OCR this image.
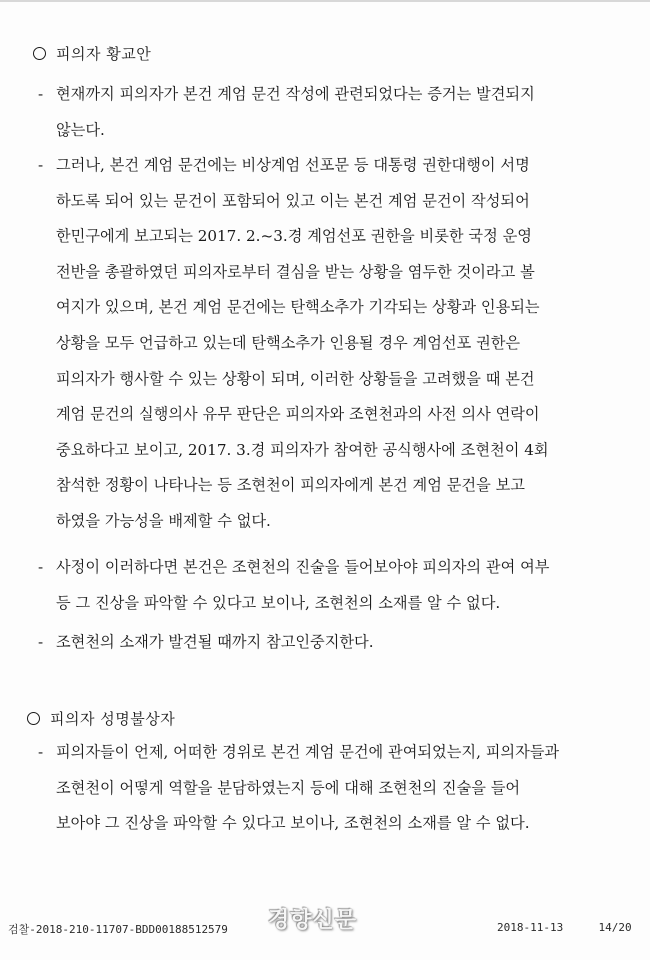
피의자 황교안
- 현재까지 피의자가 본건 계엄 문건 작성에 관련되었다는 증거는 발견되지
않는다.
- 그러나, 본건 계엄 문건에는 비상계엄 선포문 등 대통령 권한대행이 서명
하도록 되어 있는 문건이 포함되어 있고 이는 본건 계엄 문건이 작성되어
한민구에게 보고되는 2017. 2.~3.경 계엄선포 권한을 비롯한 국정 운영
전반을 총괄하였던 피의자로부터 결심을 받는 상황을 염두한 것이라고 볼
여지가 있으며, 본건 계엄 문건에는 탄핵소추가 기각되는 상황과 인용되는
상황을 모두 언급하고 있는데 탄핵소추가 인용될 경우 계엄선포 권한은
피의자가 행사할 수 있는 상황이 되며, 이러한 상황들을 고려했을 때 본건
계엄 문건의 실행의사 유무 판단은 피의자와 조현천과의 사전 의사 연락이
중요하다고 보이고, 2017. 3.경 피의자가 참여한 공식행사에 조현천이 4회
참석한 정황이 나타나는 등 조현천이 피의자에게 본건 계엄 문건을 보고
하였을 가능성을 배제할 수 없다.
- 사정이 이러하다면 본건은 조현천의 진술을 들어보아야 피의자의 관여 여부
등 그 진상을 파악할 수 있다고 보이나, 조현천의 소재를 알 수 없다.
- 조현천의 소재가 발견될 때까지 참고인중지한다.
피의자 성명불상자
- 피의자들이 언제, 어떠한 경위로 본건 계엄 문건에 관여되었는지, 피의자들과
조현천이 어떻게 역할을 분담하였는지 등에 대해 조현천의 진술을 들어
보아야 그 진상을 파악할 수 있다고 보이나, 조현천의 소재를 알 수 없다.
경향신문
검찰-2018-210-11707-BDD00188512579	2018-11-13	14/20
